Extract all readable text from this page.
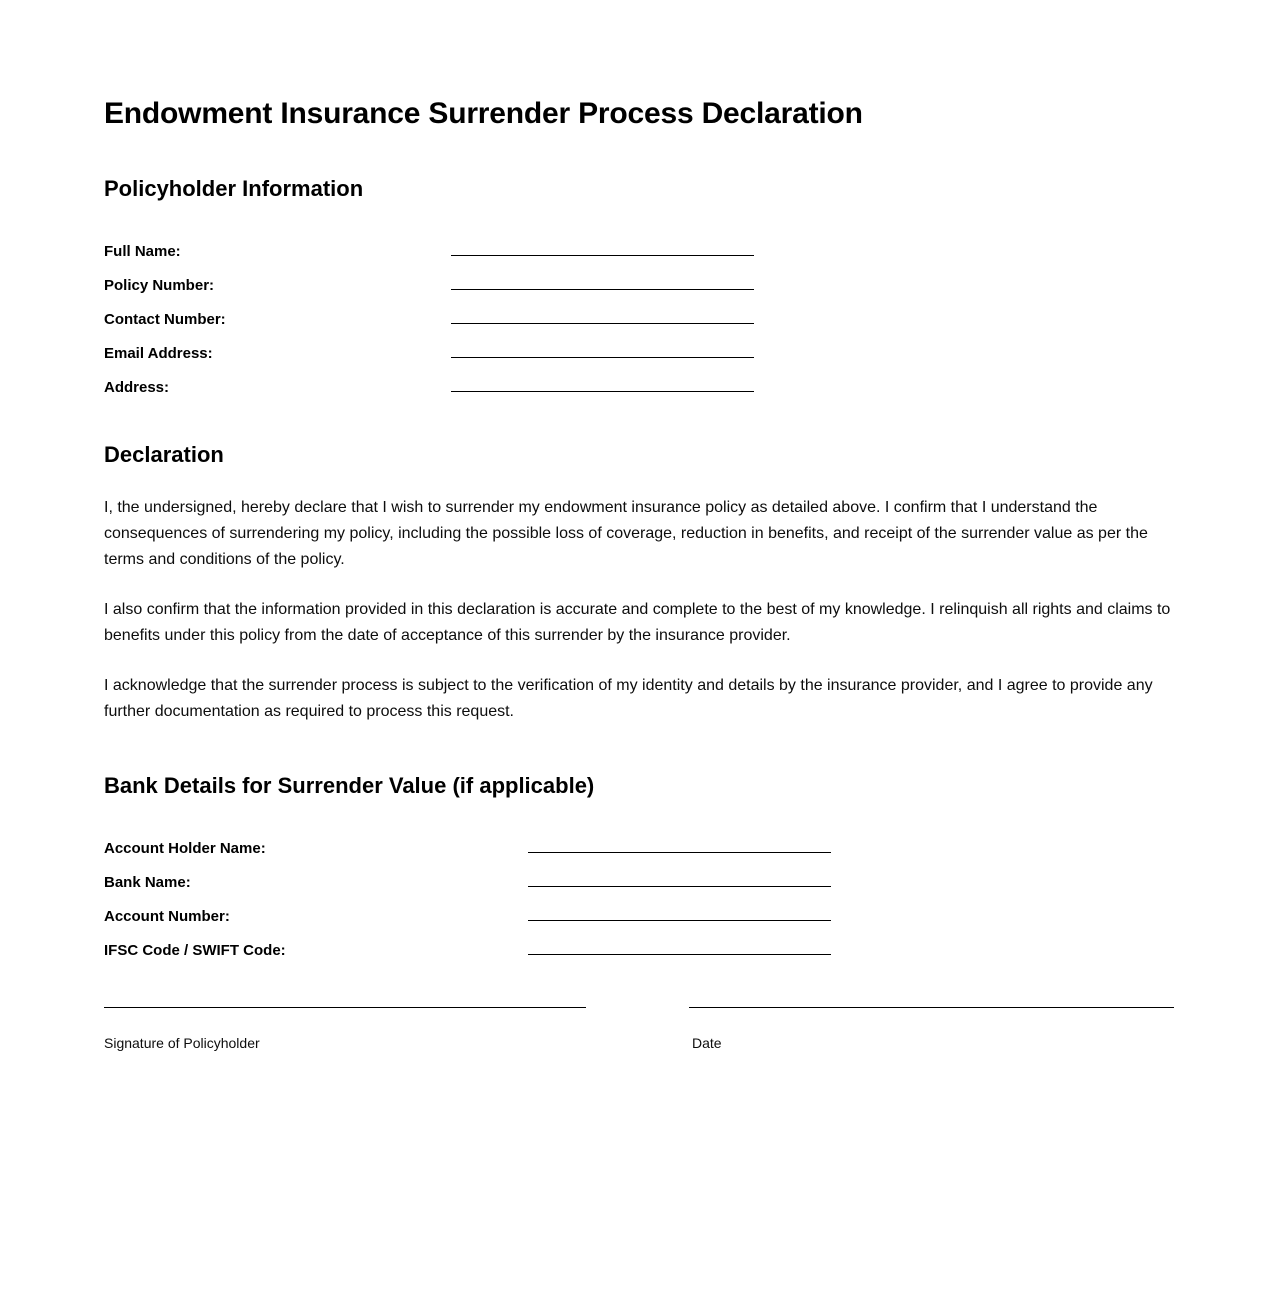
Endowment Insurance Surrender Process Declaration
Policyholder Information
Full Name:		

Policy Number:		

Contact Number:		

Email Address:		

Address:		
Declaration

I, the undersigned, hereby declare that I wish to surrender my endowment insurance policy as detailed above. I confirm that I understand the consequences of surrendering my policy, including the possible loss of coverage, reduction in benefits, and receipt of the surrender value as per the terms and conditions of the policy.

I also confirm that the information provided in this declaration is accurate and complete to the best of my knowledge. I relinquish all rights and claims to benefits under this policy from the date of acceptance of this surrender by the insurance provider.

I acknowledge that the surrender process is subject to the verification of my identity and details by the insurance provider, and I agree to provide any further documentation as required to process this request.

Bank Details for Surrender Value (if applicable)
Account Holder Name:		

Bank Name:		

Account Number:		

IFSC Code / SWIFT Code:		
Signature of Policyholder	Date
